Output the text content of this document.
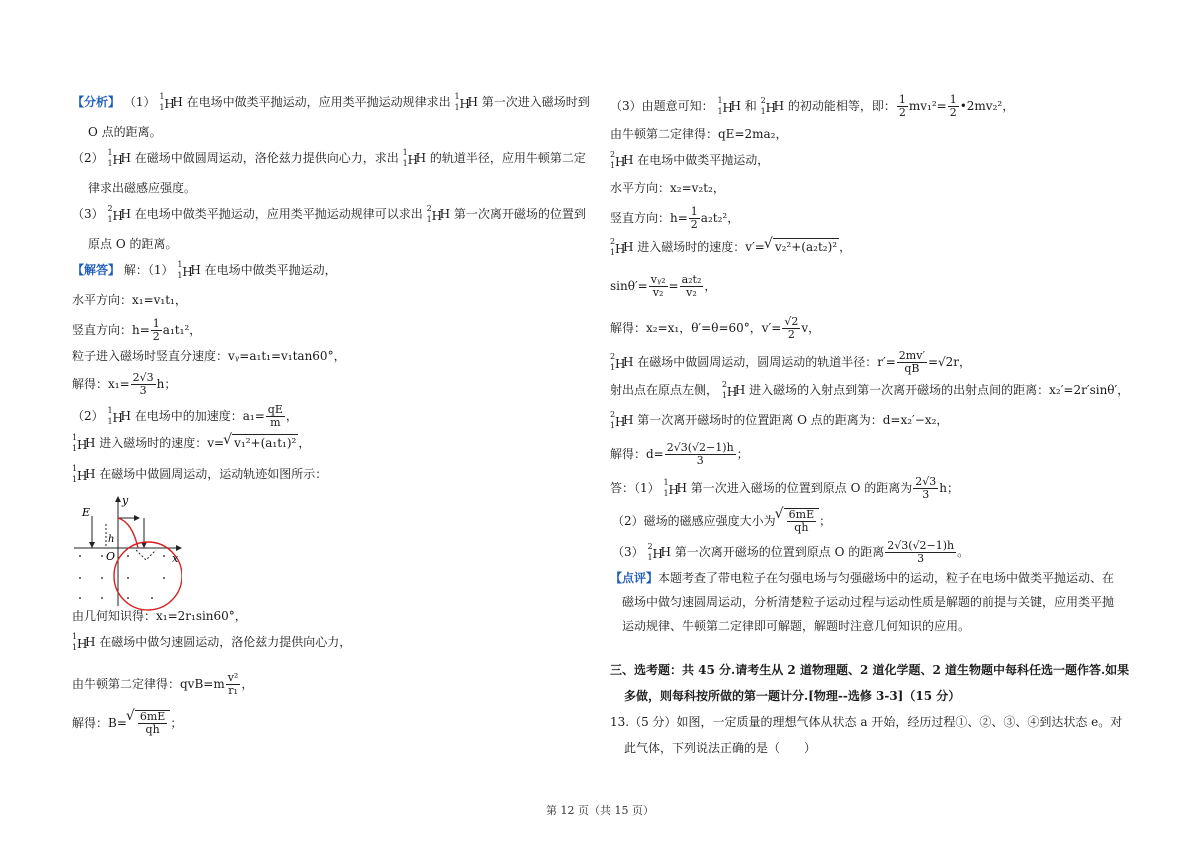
【分析】 （1） 1
1 H
H 在电场中做类平抛运动，应用类平抛运动规律求出 1
1 H
H 第一次进入磁场时到
O 点的距离。
（2） 1
1 H
H 在磁场中做圆周运动，洛伦兹力提供向心力，求出 1
1 H
H 的轨道半径，应用牛顿第二定
律求出磁感应强度。
（3） 2
1 H
H 在电场中做类平抛运动，应用类平抛运动规律可以求出 2
1 H
H 第一次离开磁场的位置到
原点 O 的距离。
【解答】 解：（1） 1
1 H
H 在电场中做类平抛运动，
水平方向：x₁=v₁t₁，
竖直方向：$h= \frac{1}{2} a_1t_1^2$，
粒子进入磁场时竖直分速度：vᵧ=a₁t₁=v₁tan60°，
解得：$x_1= \frac{2√3}{3}$ h；
（2） 1
1 H
H 在电场中的加速度：$a_1= \frac{qE}{m}$ ，
1
1 H
H 进入磁场时的速度：v= √ v₁²+(a₁t₁)² ，
1
1 H
H 在磁场中做圆周运动，运动轨迹如图所示：
E
y
h
O	x
由几何知识得：x₁=2r₁sin60°，
1
1 H
H 在磁场中做匀速圆运动，洛伦兹力提供向心力，
由牛顿第二定律得：$qvB=m \frac{\text{v²}}{\text{r₁}}$ ，
解得：B= √ $\frac{6mE}{qh}$ ；
（3）由题意可知： 1
1 H
H 和 2
1 H
H 的初动能相等，即： $\frac{1}{2} mv_1^2= \frac{1}{2}$ •2mv₂²，
由牛顿第二定律得：qE=2ma₂，
2
1 H
H 在电场中做类平抛运动，
水平方向：x₂=v₂t₂，
竖直方向：$h= \frac{1}{2} a_2t_2^2$，
2
1 H
H 进入磁场时的速度：v′= √ v₂²+(a₂t₂)² ，
$\sin\theta'= \frac{\text{vᵧ₂}}{\text{v₂}} = \frac{\text{a₂t₂}}{\text{v₂}}$ ，
解得：x₂=x₁，θ′=θ=60°，$v'= \frac{√2}{2}$ v，
2
1 H
H 在磁场中做圆周运动，圆周运动的轨道半径：$r'= \frac{2mv'}{qB} =√2r$，
射出点在原点左侧， 2
1 H
H 进入磁场的入射点到第一次离开磁场的出射点间的距离：x₂′=2r′sinθ′，
2
1 H
H 第一次离开磁场时的位置距离 O 点的距离为：d=x₂′−x₂，
解得：$d= \frac{2√3(√2-1)h}{3}$ ；
答：（1） 1
1 H
H 第一次进入磁场的位置到原点 O 的距离为 $\frac{2√3}{3}$ h；
（2）磁场的磁感应强度大小为 √ $\frac{6mE}{qh}$ ；
（3） 2
1 H
H 第一次离开磁场的位置到原点 O 的距离 $\frac{2√3(√2-1)h}{3}$ 。
【点评】本题考查了带电粒子在匀强电场与匀强磁场中的运动，粒子在电场中做类平抛运动、在
磁场中做匀速圆周运动，分析清楚粒子运动过程与运动性质是解题的前提与关键，应用类平抛
运动规律、牛顿第二定律即可解题，解题时注意几何知识的应用。
三、选考题：共 45 分.请考生从 2 道物理题、2 道化学题、2 道生物题中每科任选一题作答.如果
多做，则每科按所做的第一题计分.[物理--选修 3-3]（15 分）
13.（5 分）如图，一定质量的理想气体从状态 a 开始，经历过程①、②、③、④到达状态 e。对
此气体，下列说法正确的是（　　）
第 12 页（共 15 页）
